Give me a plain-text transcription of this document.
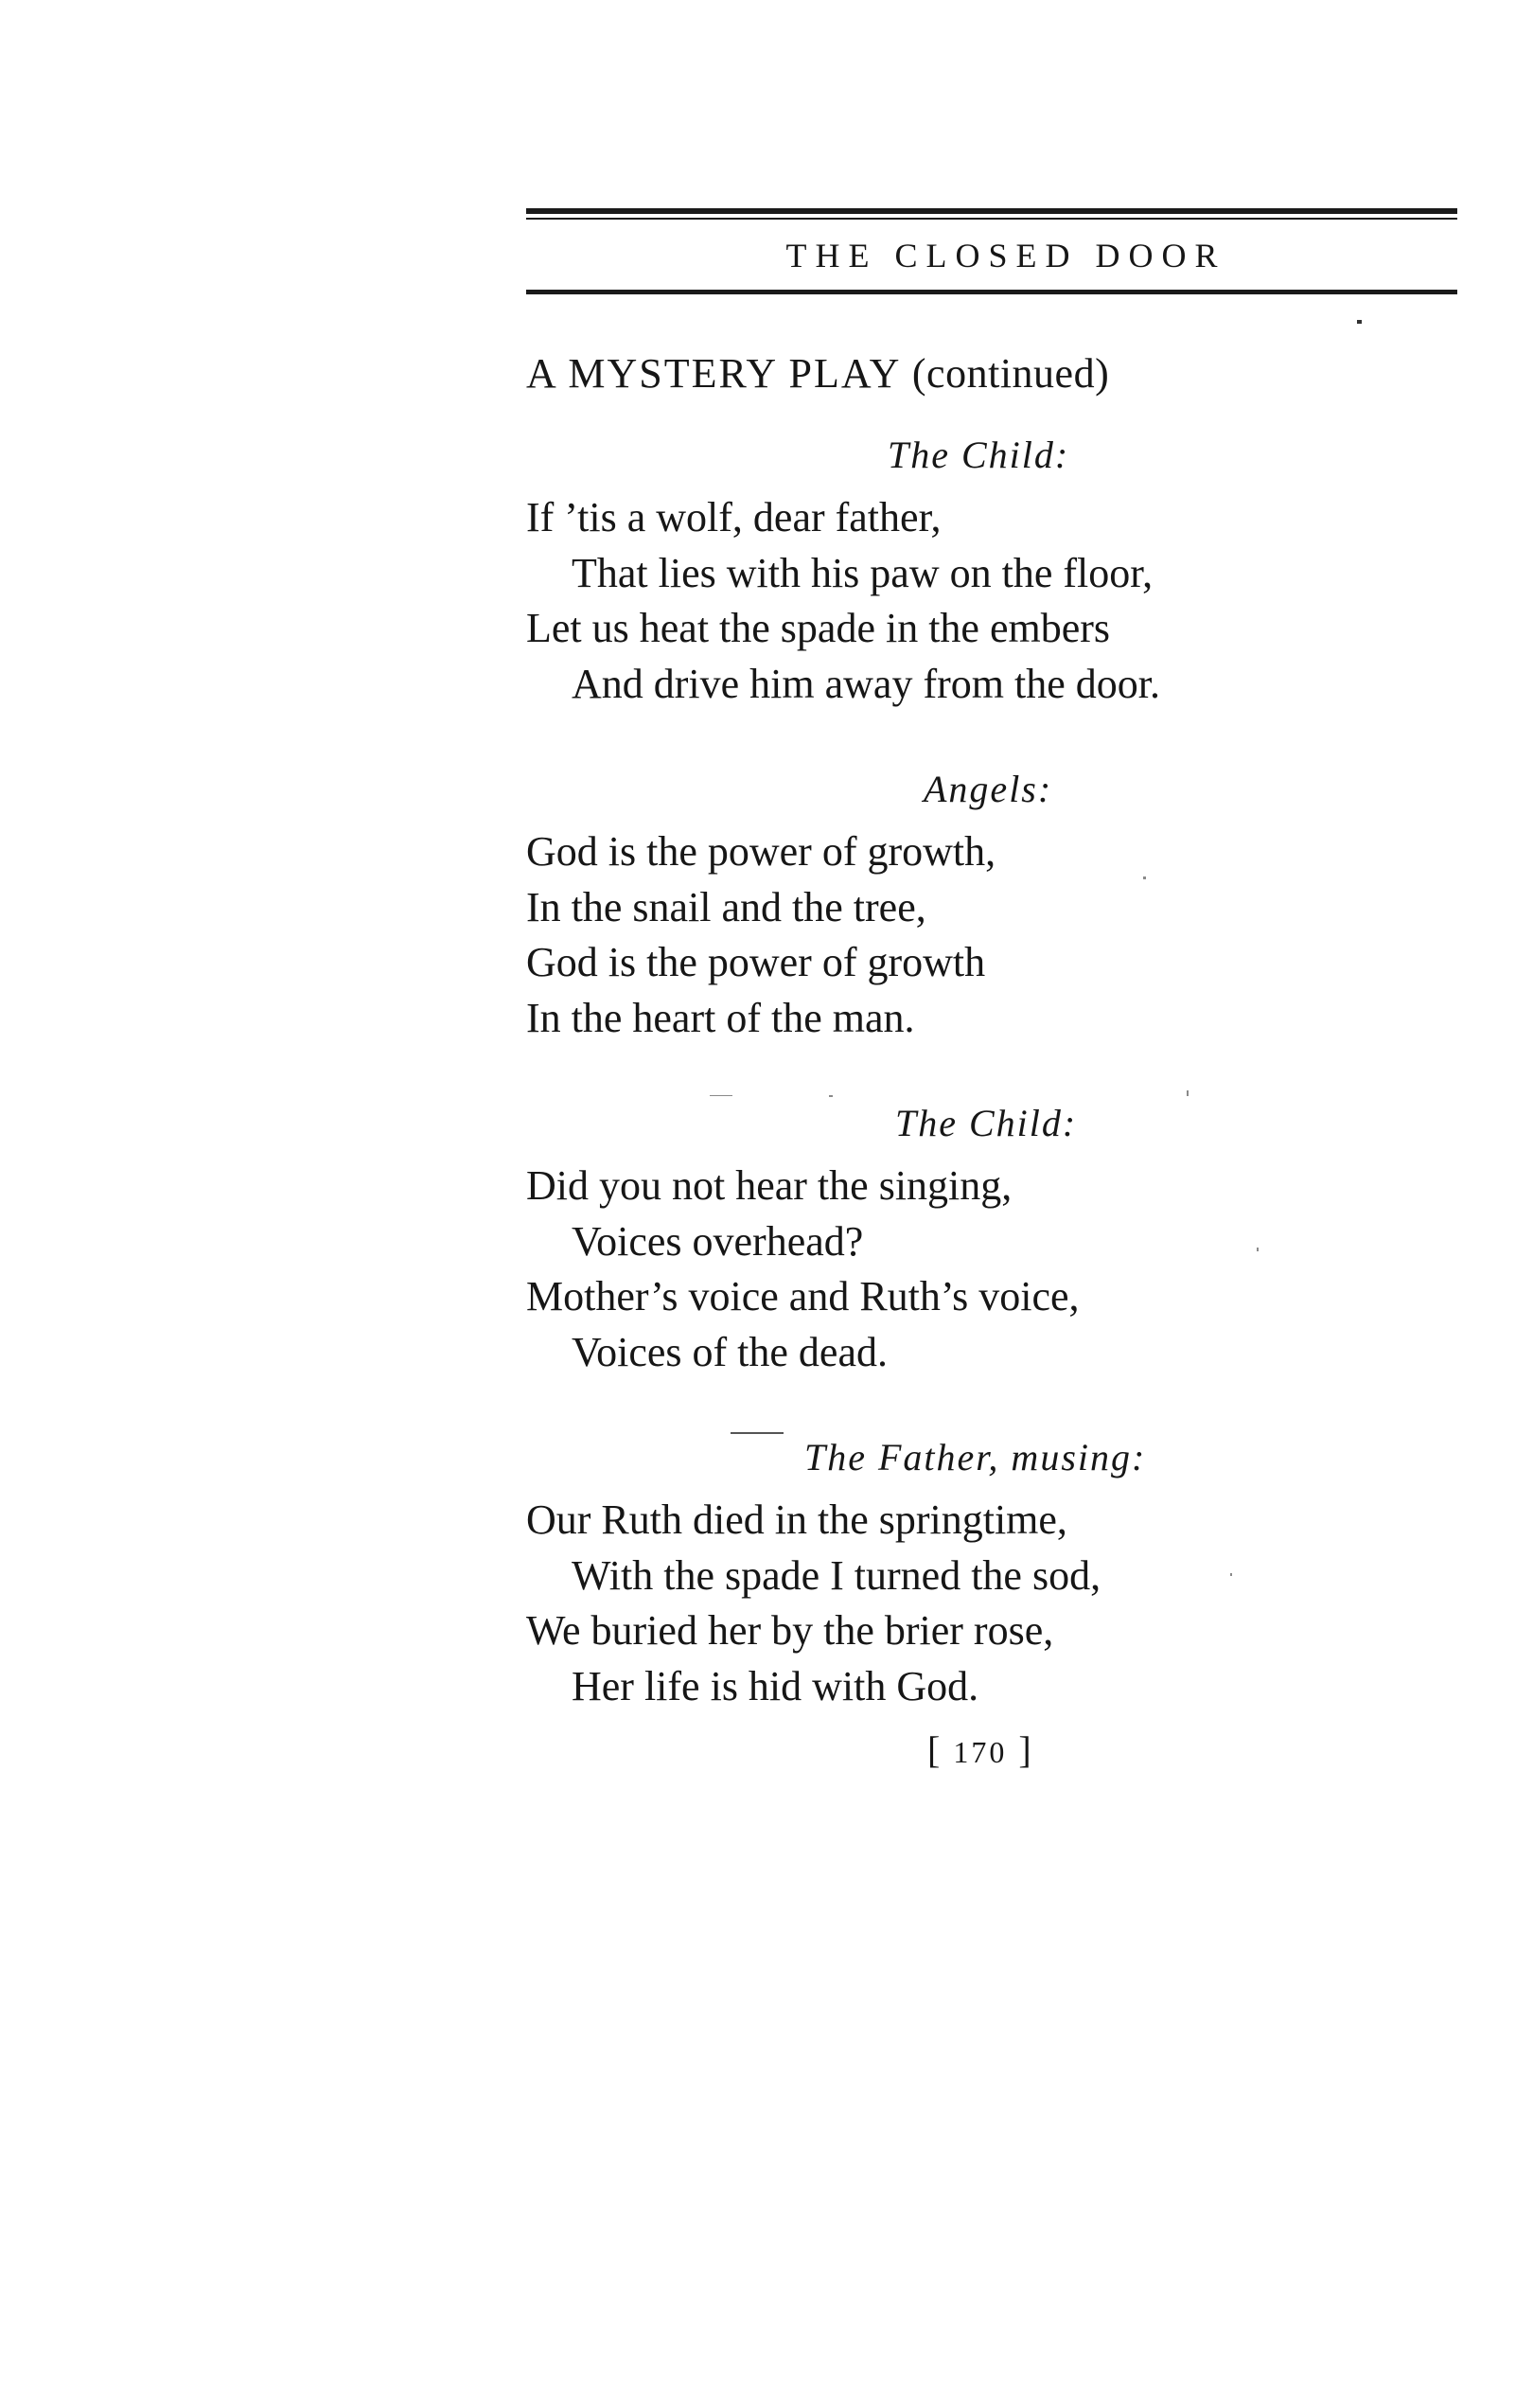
THE CLOSED DOOR
A MYSTERY PLAY (continued)

The Child:

If ’tis a wolf, dear father,
That lies with his paw on the floor,
Let us heat the spade in the embers
And drive him away from the door.

Angels:

God is the power of growth,
In the snail and the tree,
God is the power of growth
In the heart of the man.

The Child:

Did you not hear the singing,
Voices overhead?
Mother’s voice and Ruth’s voice,
Voices of the dead.

The Father, musing:

Our Ruth died in the springtime,
With the spade I turned the sod,
We buried her by the brier rose,
Her life is hid with God.
[ 170 ]
